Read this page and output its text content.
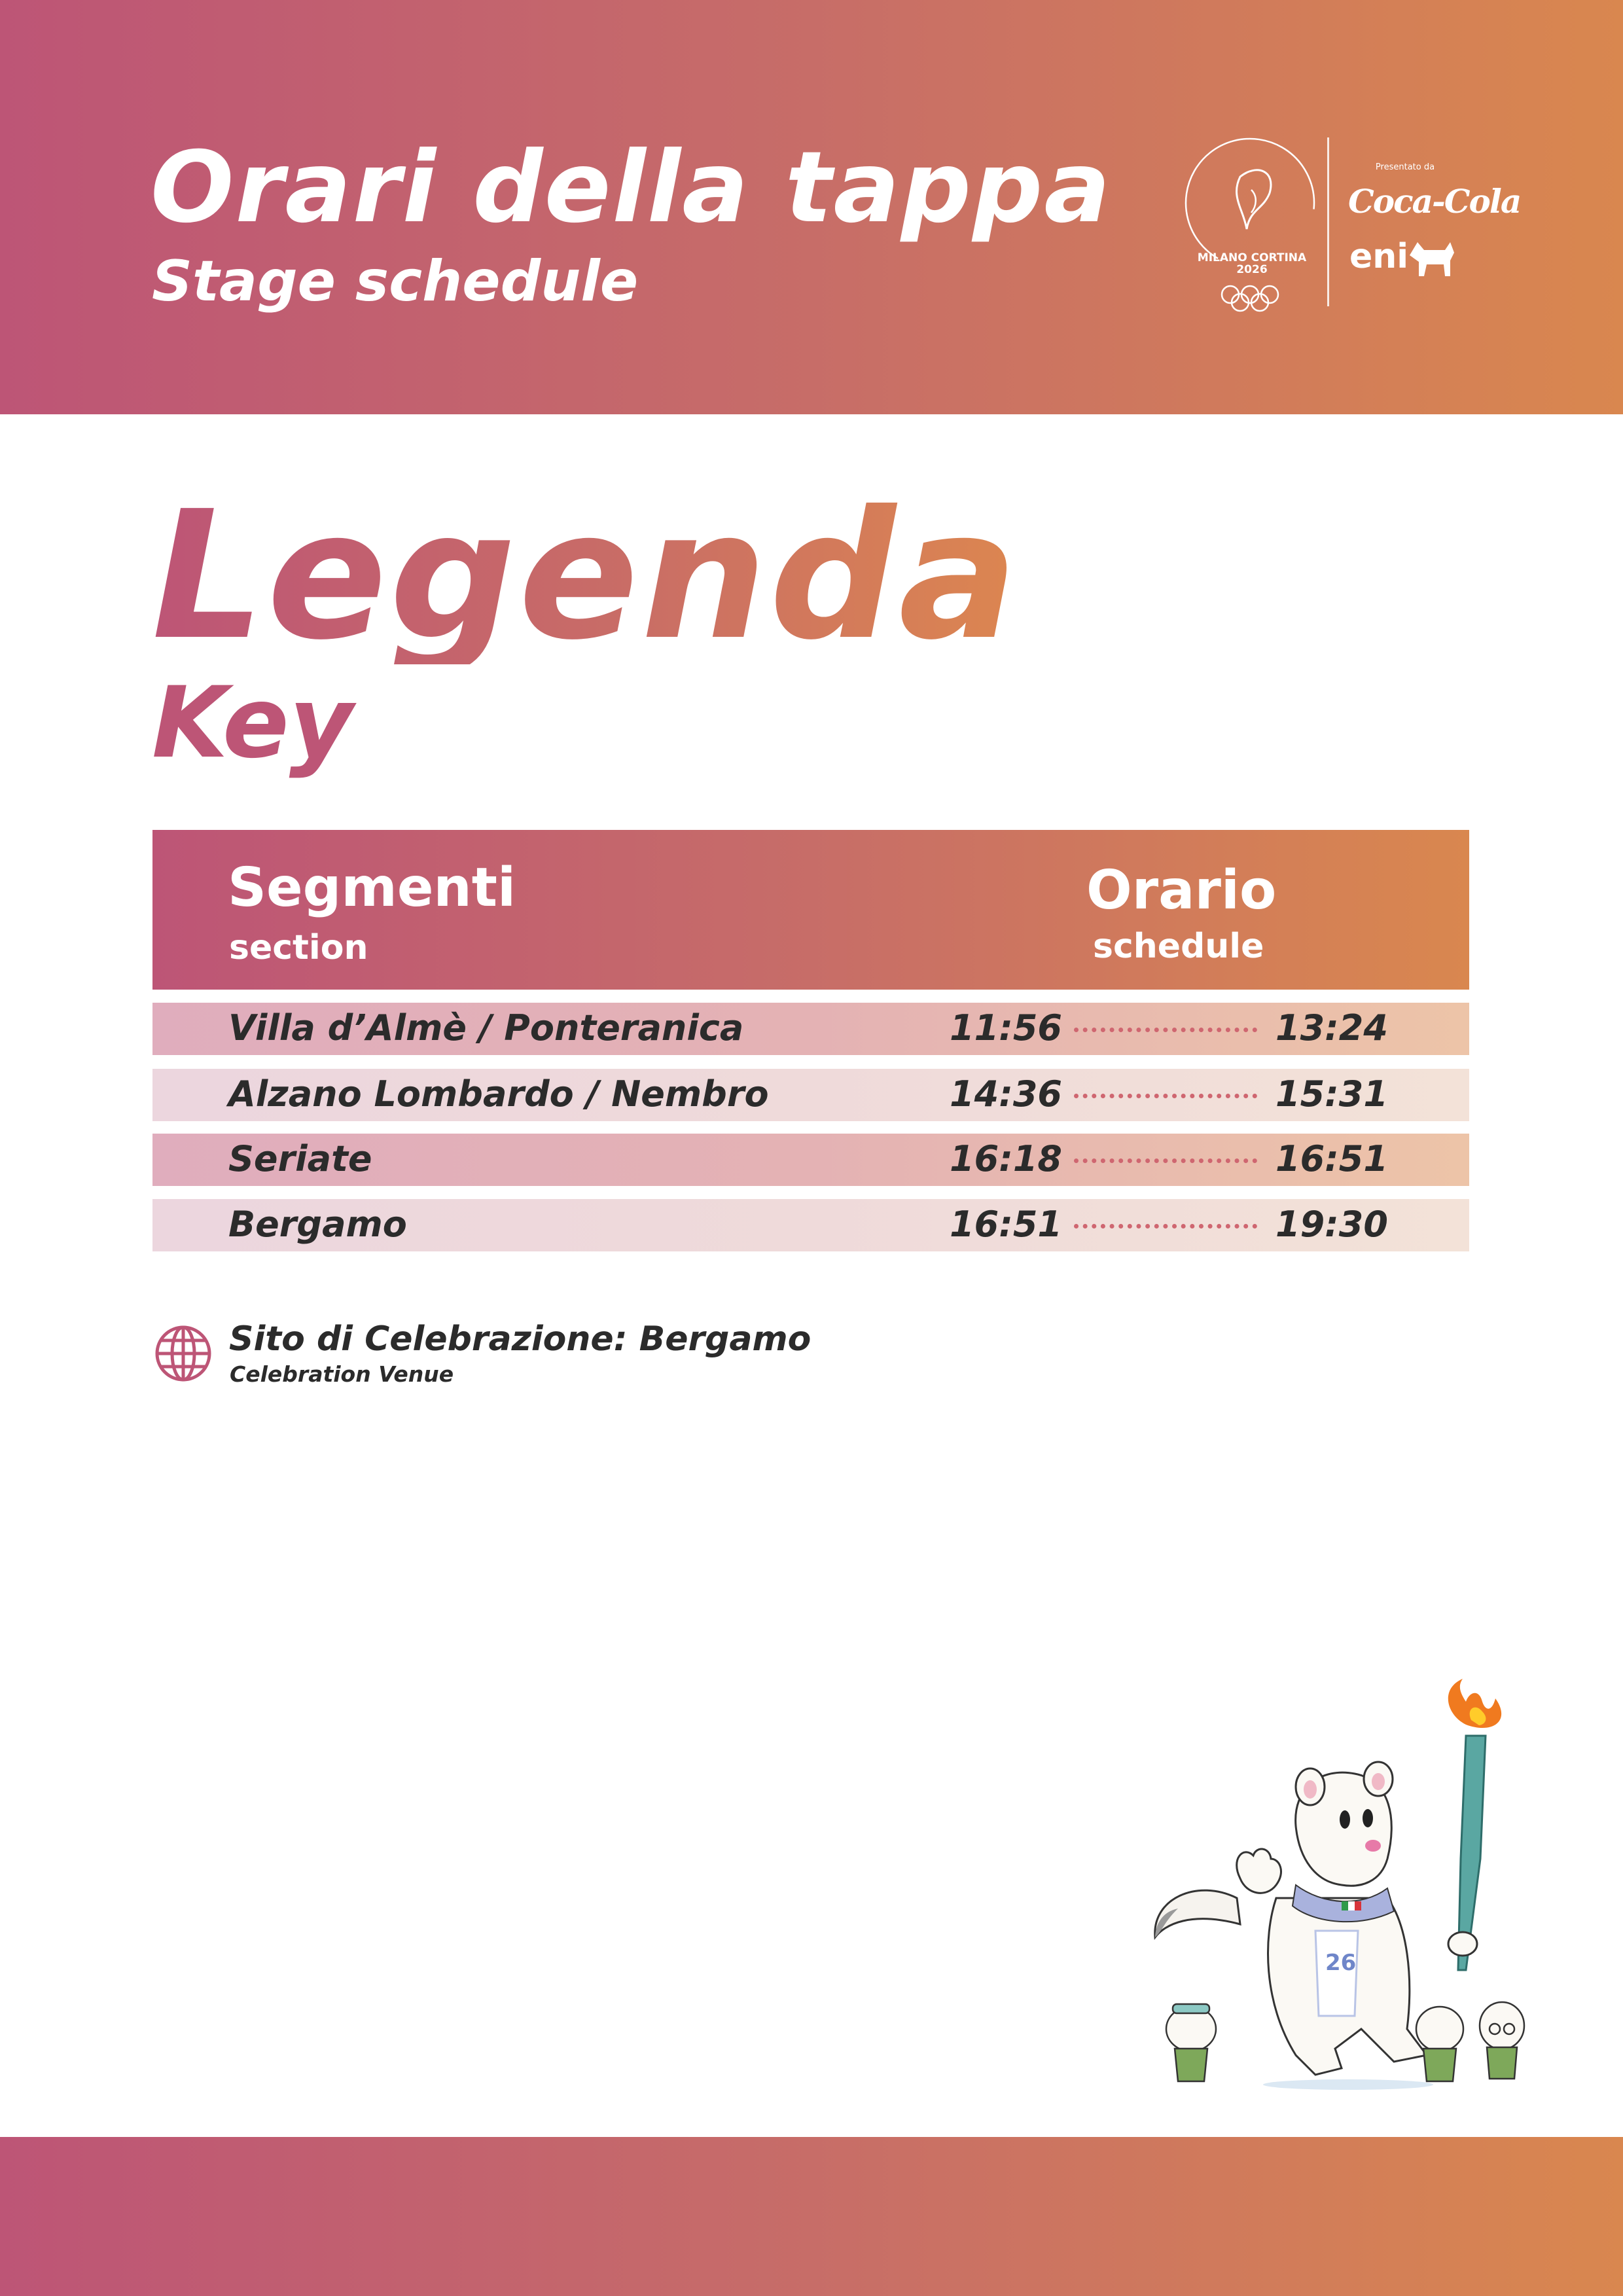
Orari della tappa
Stage schedule	MILANO CORTINA
2026
Presentato da
Coca-Cola
eni
Legenda
Key
Segmenti
section
Orario
schedule
Villa d’Almè / Ponteranica	11:56	13:24
Alzano Lombardo / Nembro	14:36	15:31
Seriate	16:18	16:51
Bergamo	16:51	19:30
Sito di Celebrazione: Bergamo
Celebration Venue
26
